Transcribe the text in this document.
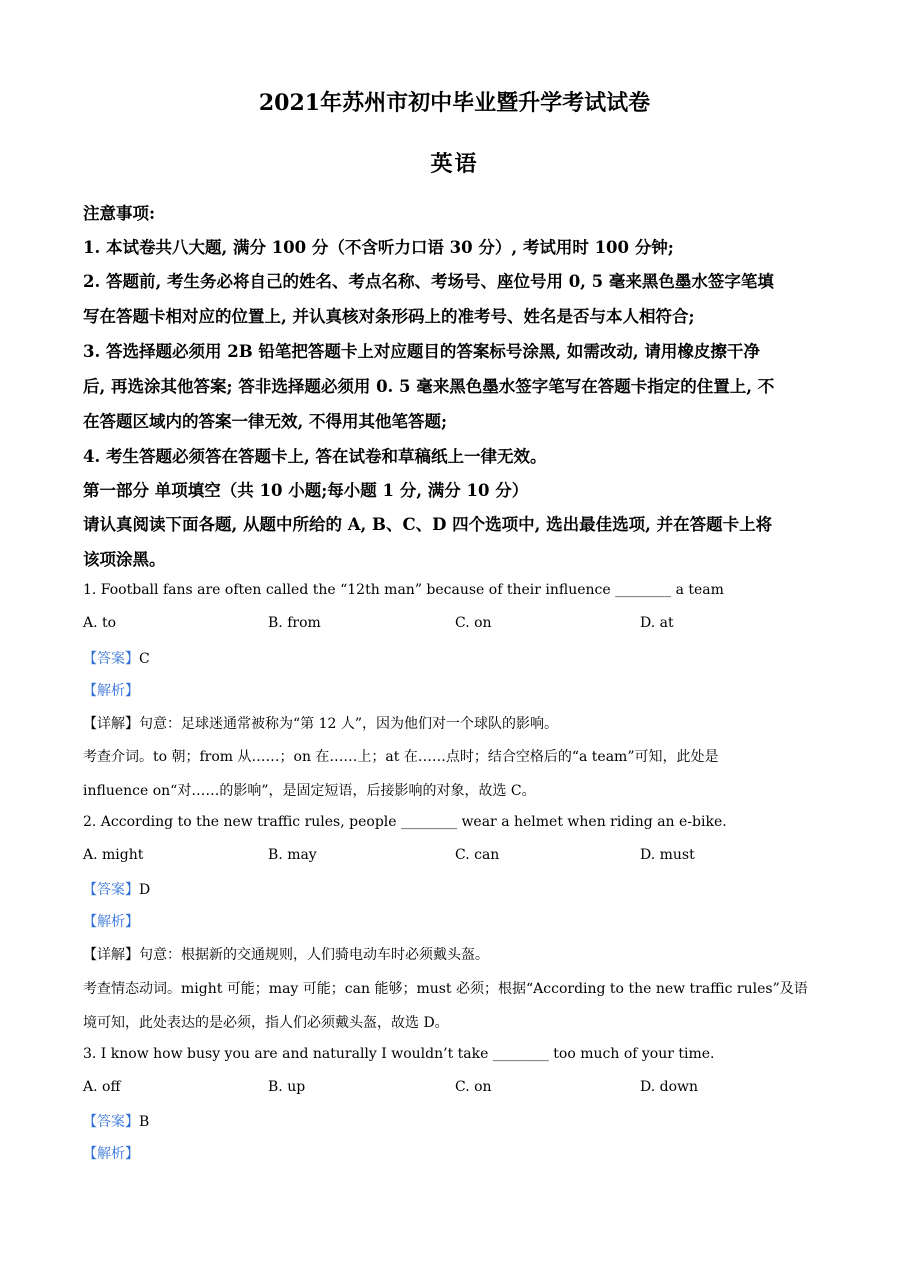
2021年苏州市初中毕业暨升学考试试卷
英语
注意事项:
1. 本试卷共八大题, 满分 100 分（不含听力口语 30 分）, 考试用时 100 分钟;
2. 答题前, 考生务必将自己的姓名、考点名称、考场号、座位号用 0, 5 毫来黑色墨水签字笔填
写在答题卡相对应的位置上, 并认真核对条形码上的准考号、姓名是否与本人相符合;
3. 答选择题必须用 2B 铅笔把答题卡上对应题目的答案标号涂黑, 如需改动, 请用橡皮擦干净
后, 再选涂其他答案; 答非选择题必须用 0. 5 毫来黑色墨水签字笔写在答题卡指定的住置上, 不
在答题区域内的答案一律无效, 不得用其他笔答题;
4. 考生答题必须答在答题卡上, 答在试卷和草稿纸上一律无效。
第一部分 单项填空（共 10 小题;每小题 1 分, 满分 10 分）
请认真阅读下面各题, 从题中所给的 A, B、C、D 四个选项中, 选出最佳选项, 并在答题卡上将
该项涂黑。
1. Football fans are often called the “12th man” because of their influence ________ a team
A. to	B. from	C. on	D. at
【答案】C
【解析】
【详解】句意：足球迷通常被称为“第 12 人”，因为他们对一个球队的影响。
考查介词。to 朝；from 从……；on 在……上；at 在……点时；结合空格后的“a team”可知，此处是
influence on“对……的影响”，是固定短语，后接影响的对象，故选 C。
2. According to the new traffic rules, people ________ wear a helmet when riding an e-bike.
A. might	B. may	C. can	D. must
【答案】D
【解析】
【详解】句意：根据新的交通规则，人们骑电动车时必须戴头盔。
考查情态动词。might 可能；may 可能；can 能够；must 必须；根据“According to the new traffic rules”及语
境可知，此处表达的是必须，指人们必须戴头盔，故选 D。
3. I know how busy you are and naturally I wouldn’t take ________ too much of your time.
A. off	B. up	C. on	D. down
【答案】B
【解析】
